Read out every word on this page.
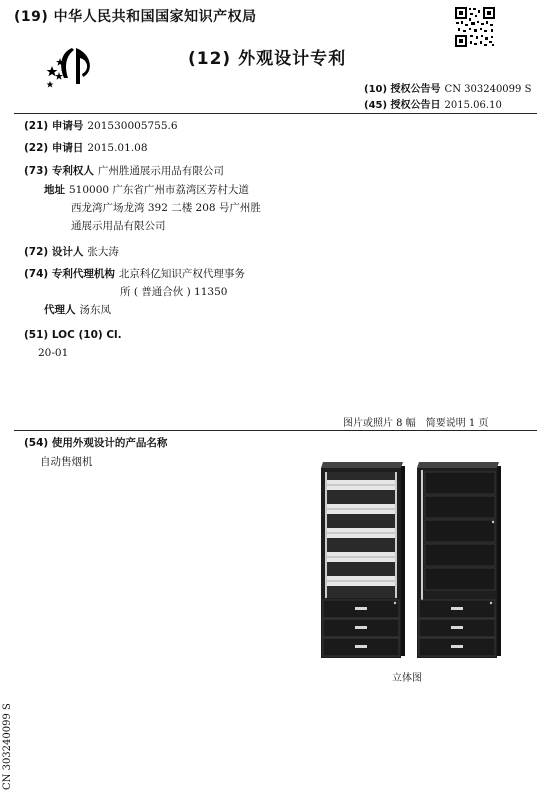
(19) 中华人民共和国国家知识产权局
(12) 外观设计专利
(10) 授权公告号 CN 303240099 S
(45) 授权公告日 2015.06.10
(21) 申请号 201530005755.6
(22) 申请日 2015.01.08
(73) 专利权人 广州胜通展示用品有限公司
地址 510000 广东省广州市荔湾区芳村大道
西龙湾广场龙湾 392 二楼 208 号广州胜
通展示用品有限公司
(72) 设计人 张大涛
(74) 专利代理机构 北京科亿知识产权代理事务
所 ( 普通合伙 ) 11350
代理人 汤东凤
(51) LOC (10) Cl.
20-01
图片或照片 8 幅　简要说明 1 页
(54) 使用外观设计的产品名称
自动售烟机
立体图
CN 303240099 S
